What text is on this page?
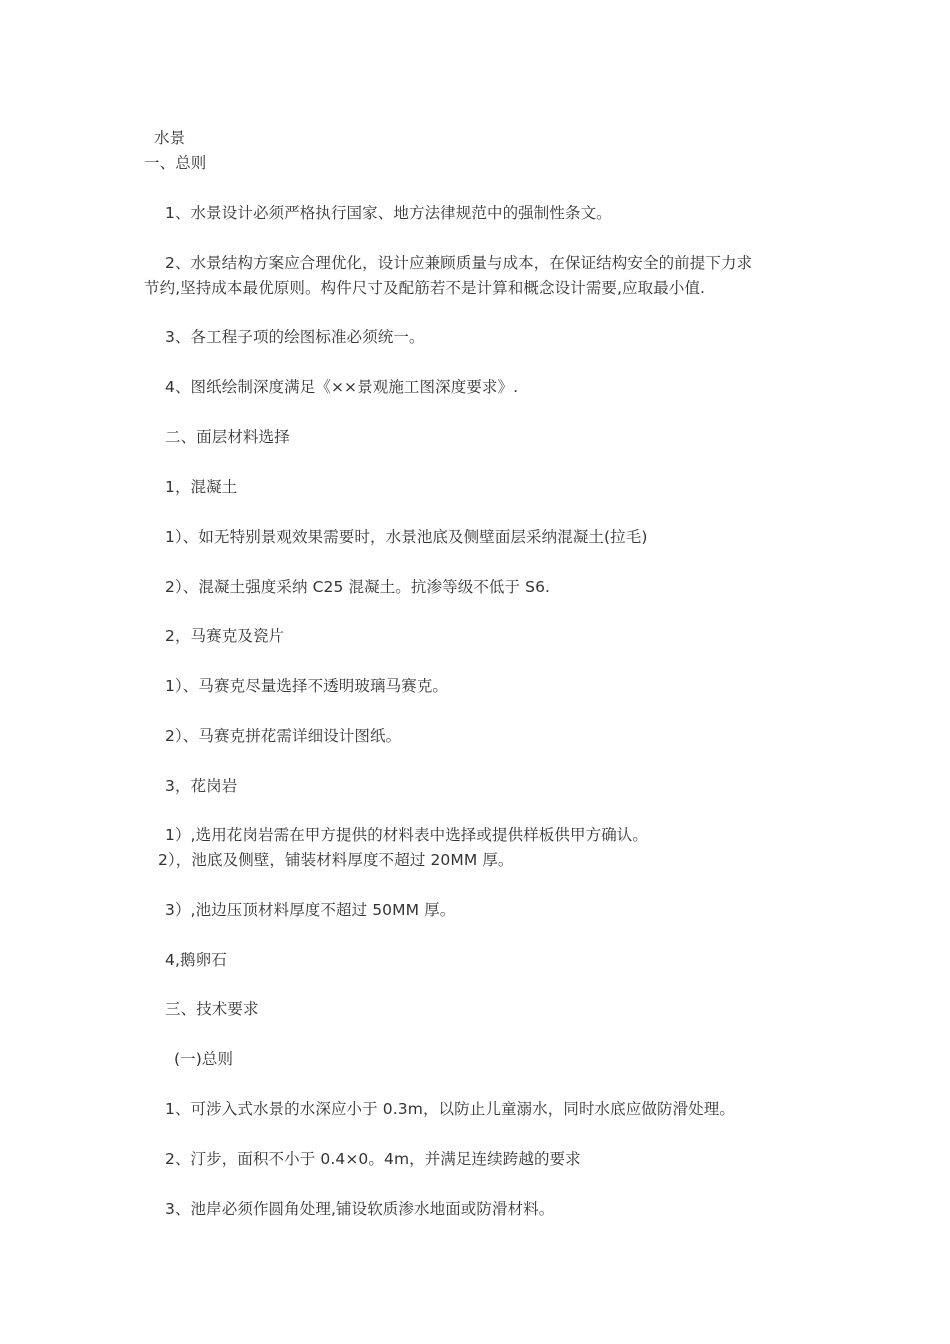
水景
一、总则
1、水景设计必须严格执行国家、地方法律规范中的强制性条文。
2、水景结构方案应合理优化，设计应兼顾质量与成本，在保证结构安全的前提下力求
节约,坚持成本最优原则。构件尺寸及配筋若不是计算和概念设计需要,应取最小值.
3、各工程子项的绘图标准必须统一。
4、图纸绘制深度满足《××景观施工图深度要求》.
二、面层材料选择
1，混凝土
1）、如无特别景观效果需要时，水景池底及侧壁面层采纳混凝土(拉毛)
2）、混凝土强度采纳 C25 混凝土。抗渗等级不低于 S6.
2，马赛克及瓷片
1）、马赛克尽量选择不透明玻璃马赛克。
2）、马赛克拼花需详细设计图纸。
3，花岗岩
1）,选用花岗岩需在甲方提供的材料表中选择或提供样板供甲方确认。
2），池底及侧壁，铺装材料厚度不超过 20MM 厚。
3）,池边压顶材料厚度不超过 50MM 厚。
4,鹅卵石
三、技术要求
(一)总则
1、可涉入式水景的水深应小于 0.3m，以防止儿童溺水，同时水底应做防滑处理。
2、汀步，面积不小于 0.4×0。4m，并满足连续跨越的要求
3、池岸必须作圆角处理,铺设软质渗水地面或防滑材料。
